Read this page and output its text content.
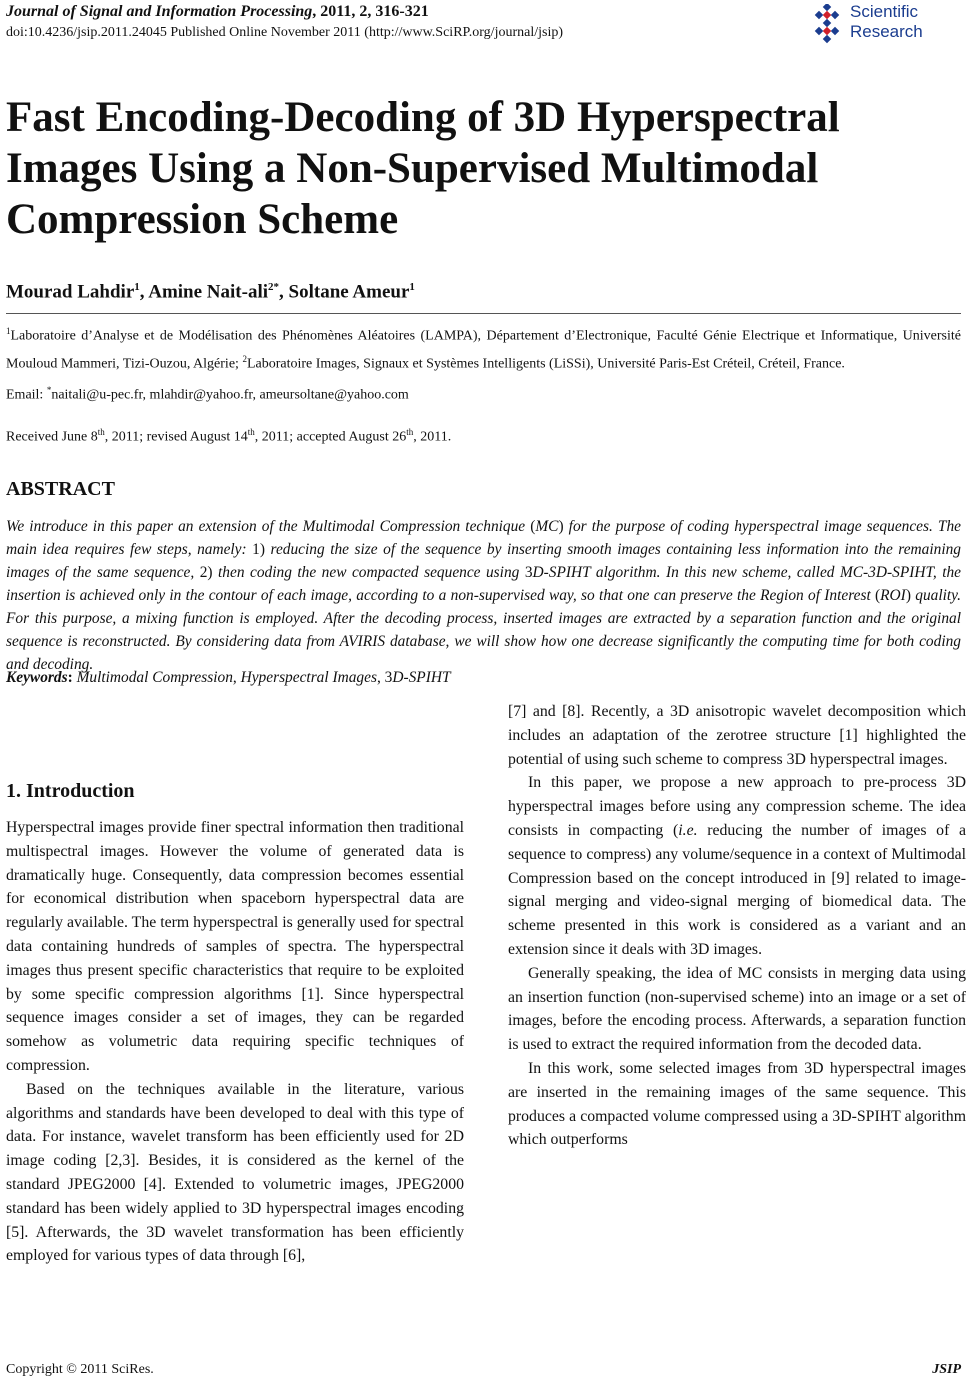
Journal of Signal and Information Processing, 2011, 2, 316-321
doi:10.4236/jsip.2011.24045 Published Online November 2011 (http://www.SciRP.org/journal/jsip)
Scientific
Research
Fast Encoding-Decoding of 3D Hyperspectral
Images Using a Non-Supervised Multimodal
Compression Scheme
Mourad Lahdir$^1$, Amine Nait-ali$^{2*}$, Soltane Ameur$^1$
$^1$Laboratoire d’Analyse et de Modélisation des Phénomènes Aléatoires (LAMPA), Département d’Electronique, Faculté Génie Electrique et Informatique, Université Mouloud Mammeri, Tizi-Ouzou, Algérie; $^2$Laboratoire Images, Signaux et Systèmes Intelligents (LiSSi), Université Paris-Est Créteil, Créteil, France.
Email: *naitali@u-pec.fr, mlahdir@yahoo.fr, ameursoltane@yahoo.com
Received June 8th, 2011; revised August 14th, 2011; accepted August 26th, 2011.
ABSTRACT

We introduce in this paper an extension of the Multimodal Compression technique (MC) for the purpose of coding hyperspectral image sequences. The main idea requires few steps, namely: 1) reducing the size of the sequence by inserting smooth images containing less information into the remaining images of the same sequence, 2) then coding the new compacted sequence using 3D-SPIHT algorithm. In this new scheme, called MC-3D-SPIHT, the insertion is achieved only in the contour of each image, according to a non-supervised way, so that one can preserve the Region of Interest (ROI) quality. For this purpose, a mixing function is employed. After the decoding process, inserted images are extracted by a separation function and the original sequence is reconstructed. By considering data from AVIRIS database, we will show how one decrease significantly the computing time for both coding and decoding.

Keywords: Multimodal Compression, Hyperspectral Images, 3D-SPIHT
1. Introduction

Hyperspectral images provide finer spectral information then traditional multispectral images. However the volume of generated data is dramatically huge. Consequently, data compression becomes essential for economical distribution when spaceborn hyperspectral data are regularly available. The term hyperspectral is generally used for spectral data containing hundreds of samples of spectra. The hyperspectral images thus present specific characteristics that require to be exploited by some specific compression algorithms [1]. Since hyperspectral sequence images consider a set of images, they can be regarded somehow as volumetric data requiring specific techniques of compression.

Based on the techniques available in the literature, various algorithms and standards have been developed to deal with this type of data. For instance, wavelet transform has been efficiently used for 2D image coding [2,3]. Besides, it is considered as the kernel of the standard JPEG2000 [4]. Extended to volumetric images, JPEG2000 standard has been widely applied to 3D hyperspectral images encoding [5]. Afterwards, the 3D wavelet transformation has been efficiently employed for various types of data through [6],

[7] and [8]. Recently, a 3D anisotropic wavelet decomposition which includes an adaptation of the zerotree structure [1] highlighted the potential of using such scheme to compress 3D hyperspectral images.

In this paper, we propose a new approach to pre-process 3D hyperspectral images before using any compression scheme. The idea consists in compacting (i.e. reducing the number of images of a sequence to compress) any volume/sequence in a context of Multimodal Compression based on the concept introduced in [9] related to image-signal merging and video-signal merging of biomedical data. The scheme presented in this work is considered as a variant and an extension since it deals with 3D images.

Generally speaking, the idea of MC consists in merging data using an insertion function (non-supervised scheme) into an image or a set of images, before the encoding process. Afterwards, a separation function is used to extract the required information from the decoded data.

In this work, some selected images from 3D hyperspectral images are inserted in the remaining images of the same sequence. This produces a compacted volume compressed using a 3D-SPIHT algorithm which outperforms

Copyright © 2011 SciRes.	JSIP
